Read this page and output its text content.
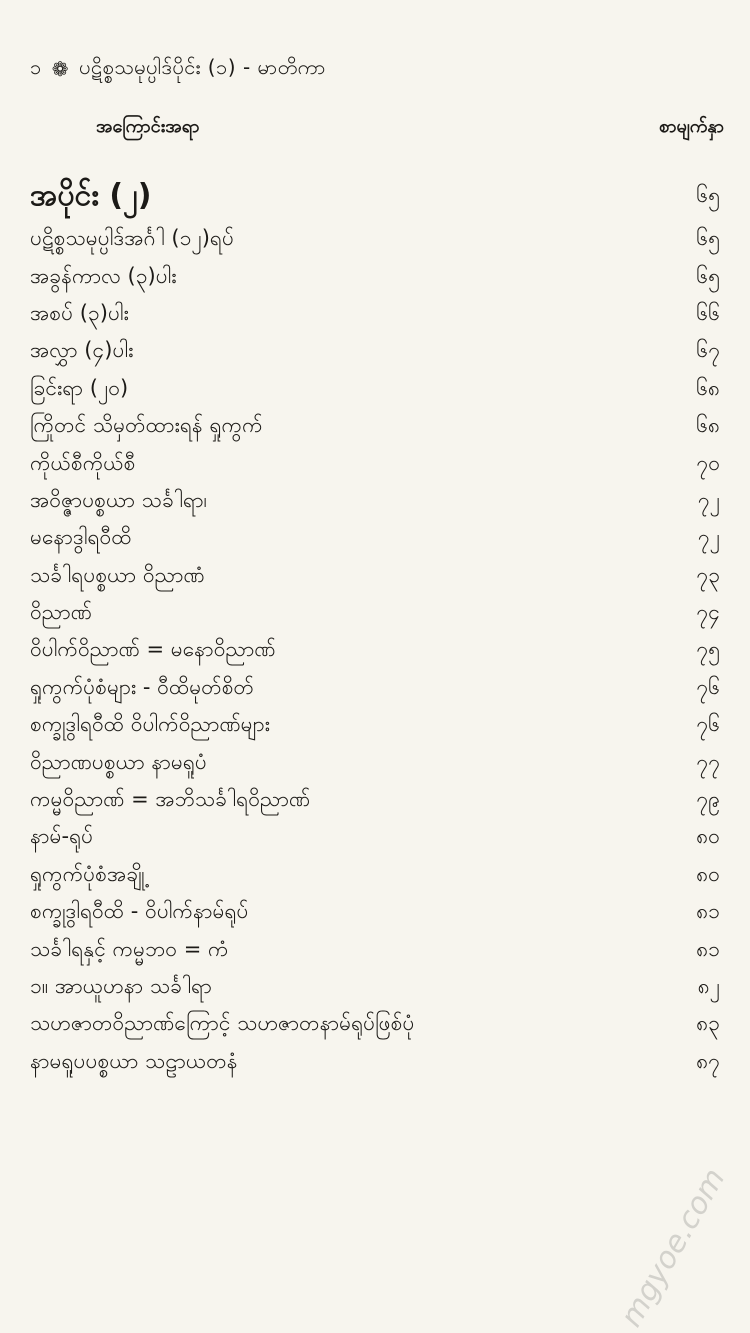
၁ ❁ ပဋိစ္စသမုပ္ပါဒ်ပိုင်း (၁) - မာတိကာ
အကြောင်းအရာ	စာမျက်နှာ
အပိုင်း (၂)	၆၅
ပဋိစ္စသမုပ္ပါဒ်အင်္ဂါ (၁၂)ရပ်	၆၅
အခွန်ကာလ (၃)ပါး	၆၅
အစပ် (၃)ပါး	၆၆
အလွှာ (၄)ပါး	၆၇
ခြင်းရာ (၂၀)	၆၈
ကြိုတင် သိမှတ်ထားရန် ရှုကွက်	၆၈
ကိုယ်စီကိုယ်စီ	၇၀
အဝိဇ္ဇာပစ္စယာ သင်္ခါရာ၊	၇၂
မနောဒွါရဝီထိ	၇၂
သင်္ခါရပစ္စယာ ဝိညာဏံ	၇၃
ဝိညာဏ်	၇၄
ဝိပါက်ဝိညာဏ် = မနောဝိညာဏ်	၇၅
ရှုကွက်ပုံစံများ - ဝီထိမုတ်စိတ်	၇၆
စက္ခုဒွါရဝီထိ ဝိပါက်ဝိညာဏ်များ	၇၆
ဝိညာဏပစ္စယာ နာမရူပံ	၇၇
ကမ္မဝိညာဏ် = အဘိသင်္ခါရဝိညာဏ်	၇၉
နာမ်-ရုပ်	၈၀
ရှုကွက်ပုံစံအချို့	၈၀
စက္ခုဒွါရဝီထိ - ဝိပါက်နာမ်ရုပ်	၈၁
သင်္ခါရနှင့် ကမ္မဘဝ = ကံ	၈၁
၁။ အာယူဟနာ သင်္ခါရာ	၈၂
သဟဇာတဝိညာဏ်ကြောင့် သဟဇာတနာမ်ရုပ်ဖြစ်ပုံ	၈၃
နာမရူပပစ္စယာ သဠာယတနံ	၈၇
mgyoe.com
